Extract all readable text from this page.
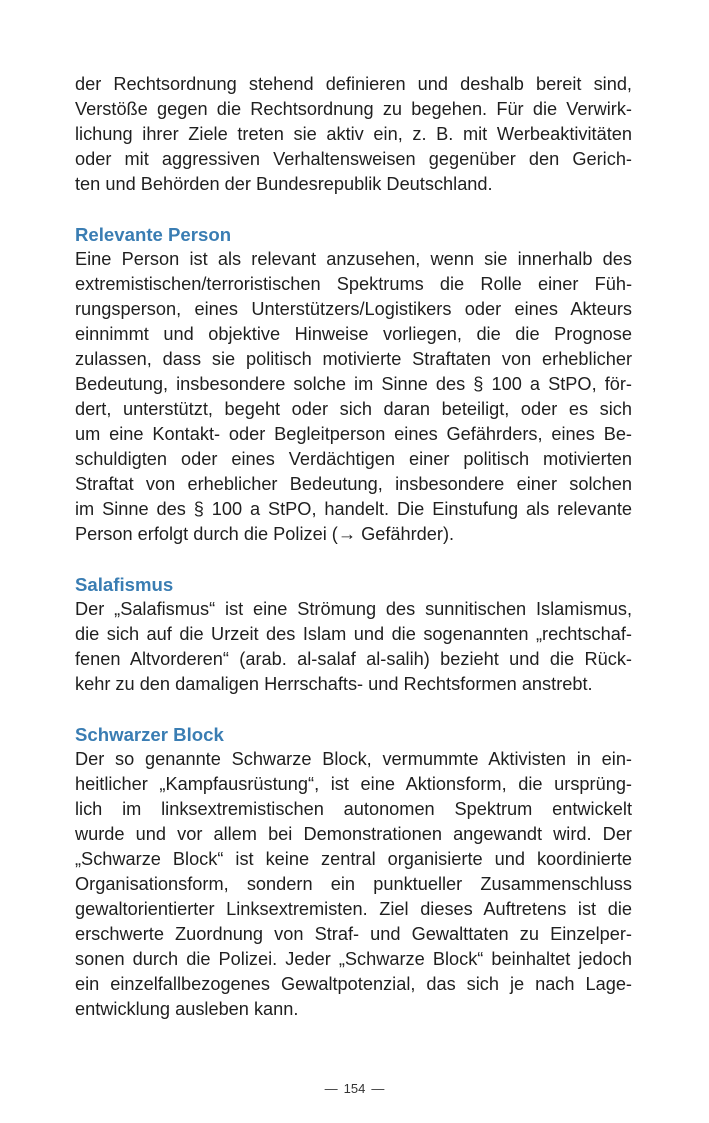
der Rechtsordnung stehend definieren und deshalb bereit sind,
Verstöße gegen die Rechtsordnung zu begehen. Für die Verwirk-
lichung ihrer Ziele treten sie aktiv ein, z. B. mit Werbeaktivitäten
oder mit aggressiven Verhaltensweisen gegenüber den Gerich-
ten und Behörden der Bundesrepublik Deutschland.
Relevante Person
Eine Person ist als relevant anzusehen, wenn sie innerhalb des
extremistischen/terroristischen Spektrums die Rolle einer Füh-
rungsperson, eines Unterstützers/Logistikers oder eines Akteurs
einnimmt und objektive Hinweise vorliegen, die die Prognose
zulassen, dass sie politisch motivierte Straftaten von erheblicher
Bedeutung, insbesondere solche im Sinne des § 100 a StPO, för-
dert, unterstützt, begeht oder sich daran beteiligt, oder es sich
um eine Kontakt- oder Begleitperson eines Gefährders, eines Be-
schuldigten oder eines Verdächtigen einer politisch motivierten
Straftat von erheblicher Bedeutung, insbesondere einer solchen
im Sinne des § 100 a StPO, handelt. Die Einstufung als relevante
Person erfolgt durch die Polizei (→ Gefährder).
Salafismus
Der „Salafismus“ ist eine Strömung des sunnitischen Islamismus,
die sich auf die Urzeit des Islam und die sogenannten „rechtschaf-
fenen Altvorderen“ (arab. al-salaf al-salih) bezieht und die Rück-
kehr zu den damaligen Herrschafts- und Rechtsformen anstrebt.
Schwarzer Block
Der so genannte Schwarze Block, vermummte Aktivisten in ein-
heitlicher „Kampfausrüstung“, ist eine Aktionsform, die ursprüng-
lich im linksextremistischen autonomen Spektrum entwickelt
wurde und vor allem bei Demonstrationen angewandt wird. Der
„Schwarze Block“ ist keine zentral organisierte und koordinierte
Organisationsform, sondern ein punktueller Zusammenschluss
gewaltorientierter Linksextremisten. Ziel dieses Auftretens ist die
erschwerte Zuordnung von Straf- und Gewalttaten zu Einzelper-
sonen durch die Polizei. Jeder „Schwarze Block“ beinhaltet jedoch
ein einzelfallbezogenes Gewaltpotenzial, das sich je nach Lage-
entwicklung ausleben kann.
— 154 —
